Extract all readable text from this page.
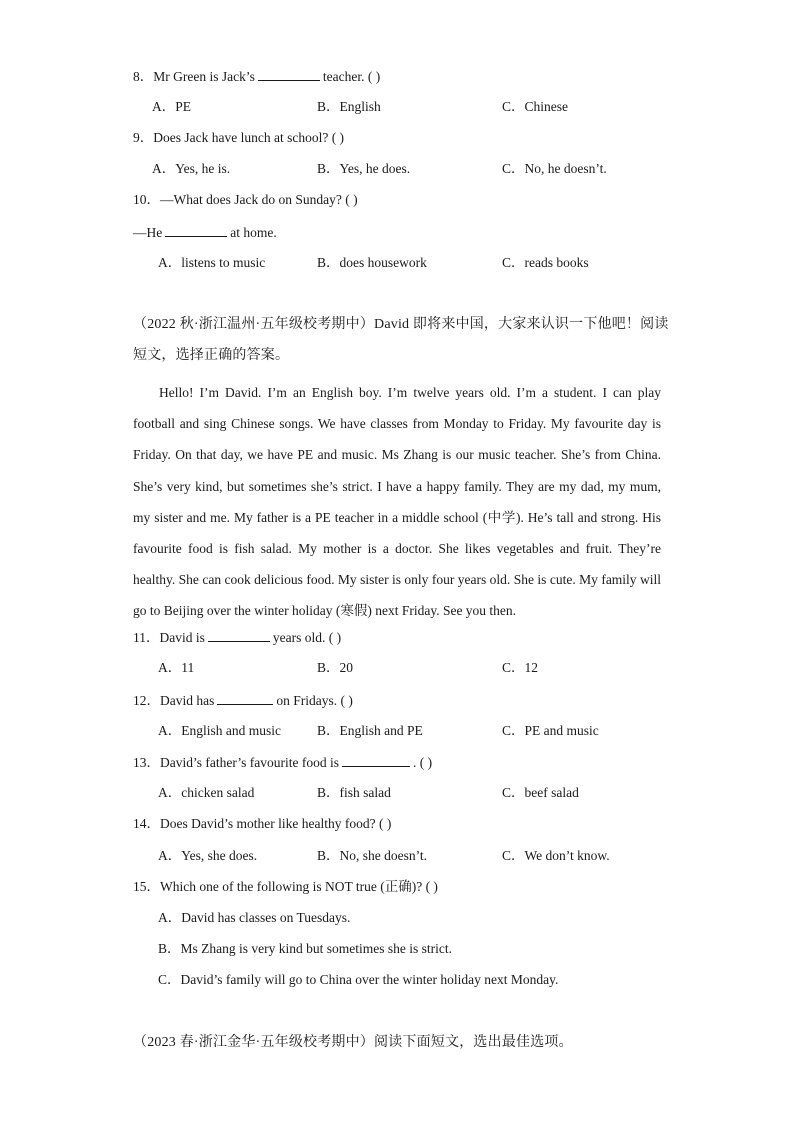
8．Mr Green is Jack’s	teacher. ( )
A．PE	B．English	C．Chinese
9．Does Jack have lunch at school? ( )
A．Yes, he is.	B．Yes, he does.	C．No, he doesn’t.
10．—What does Jack do on Sunday? ( )
—He	at home.
A．listens to music	B．does housework	C．reads books
（2022 秋·浙江温州·五年级校考期中）David 即将来中国，大家来认识一下他吧！阅读
短文，选择正确的答案。

Hello! I’m David. I’m an English boy. I’m twelve years old. I’m a student. I can play football and sing Chinese songs. We have classes from Monday to Friday. My favourite day is Friday. On that day, we have PE and music. Ms Zhang is our music teacher. She’s from China. She’s very kind, but sometimes she’s strict. I have a happy family. They are my dad, my mum, my sister and me. My father is a PE teacher in a middle school (中学). He’s tall and strong. His favourite food is fish salad. My mother is a doctor. She likes vegetables and fruit. They’re healthy. She can cook delicious food. My sister is only four years old. She is cute. My family will go to Beijing over the winter holiday (寒假) next Friday. See you then.

11．David is	years old. ( )
A．11	B．20	C．12
12．David has	on Fridays. ( )
A．English and music	B．English and PE	C．PE and music
13．David’s father’s favourite food is	. ( )
A．chicken salad	B．fish salad	C．beef salad
14．Does David’s mother like healthy food? ( )
A．Yes, she does.	B．No, she doesn’t.	C．We don’t know.
15．Which one of the following is NOT true (正确)? ( )
A．David has classes on Tuesdays.
B．Ms Zhang is very kind but sometimes she is strict.
C．David’s family will go to China over the winter holiday next Monday.
（2023 春·浙江金华·五年级校考期中）阅读下面短文，选出最佳选项。
